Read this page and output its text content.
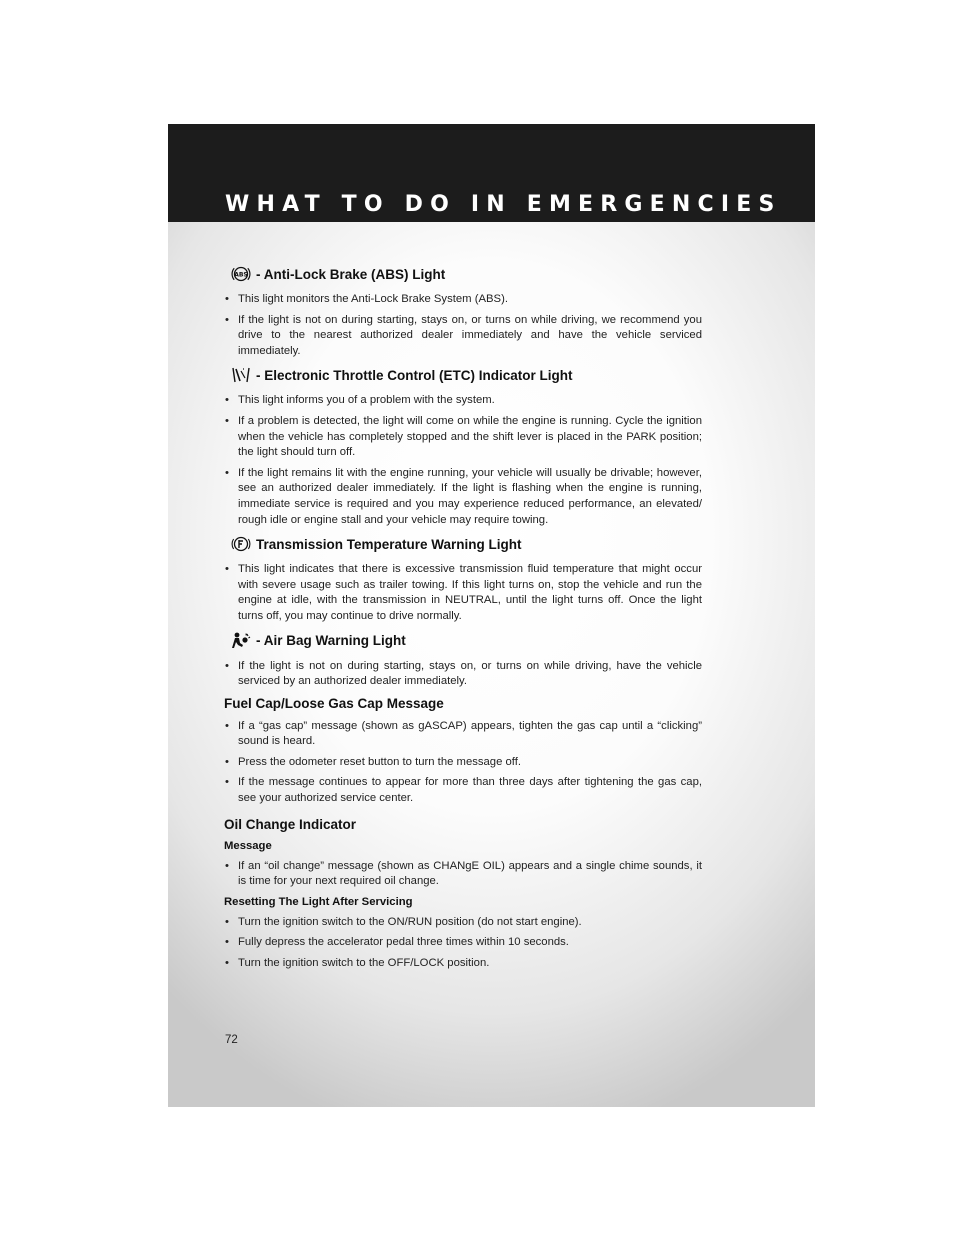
WHAT TO DO IN EMERGENCIES
ABS - Anti-Lock Brake (ABS) Light
• This light monitors the Anti-Lock Brake System (ABS).
• If the light is not on during starting, stays on, or turns on while driving, we recommend you drive to the nearest authorized dealer immediately and have the vehicle serviced immediately.
- Electronic Throttle Control (ETC) Indicator Light
• This light informs you of a problem with the system.
• If a problem is detected, the light will come on while the engine is running. Cycle the ignition when the vehicle has completely stopped and the shift lever is placed in the PARK position; the light should turn off.
• If the light remains lit with the engine running, your vehicle will usually be drivable; however, see an authorized dealer immediately. If the light is flashing when the engine is running, immediate service is required and you may experience reduced performance, an elevated/ rough idle or engine stall and your vehicle may require towing.
Transmission Temperature Warning Light
• This light indicates that there is excessive transmission fluid temperature that might occur with severe usage such as trailer towing. If this light turns on, stop the vehicle and run the engine at idle, with the transmission in NEUTRAL, until the light turns off. Once the light turns off, you may continue to drive normally.
- Air Bag Warning Light
• If the light is not on during starting, stays on, or turns on while driving, have the vehicle serviced by an authorized dealer immediately.
Fuel Cap/Loose Gas Cap Message
• If a “gas cap” message (shown as gASCAP) appears, tighten the gas cap until a “clicking” sound is heard.
• Press the odometer reset button to turn the message off.
• If the message continues to appear for more than three days after tightening the gas cap, see your authorized service center.
Oil Change Indicator
Message
• If an “oil change” message (shown as CHANgE OIL) appears and a single chime sounds, it is time for your next required oil change.
Resetting The Light After Servicing
• Turn the ignition switch to the ON/RUN position (do not start engine).
• Fully depress the accelerator pedal three times within 10 seconds.
• Turn the ignition switch to the OFF/LOCK position.
72
